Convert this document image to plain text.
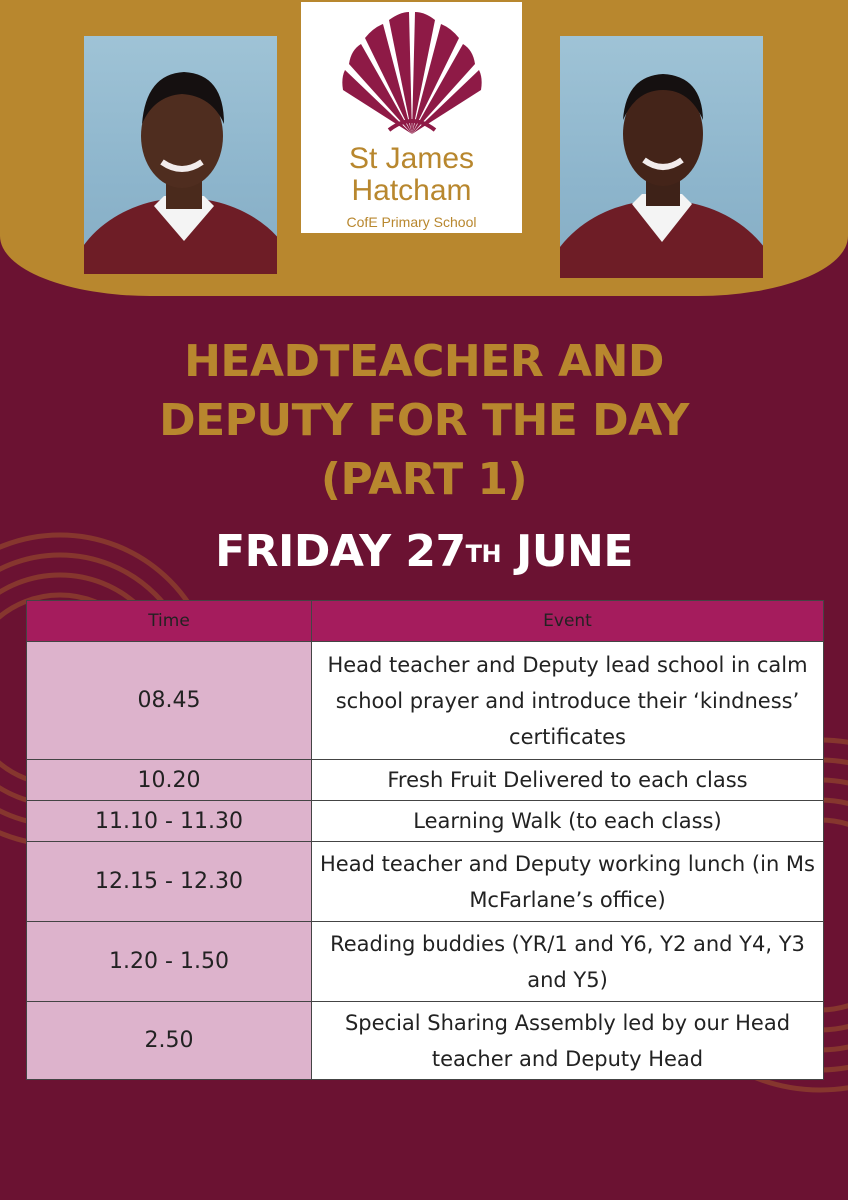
St James
Hatcham
CofE Primary School
HEADTEACHER AND
DEPUTY FOR THE DAY
(PART 1)
FRIDAY 27TH JUNE
Time	Event
08.45	Head teacher and Deputy lead school in calm school prayer and introduce their ‘kindness’ certificates
10.20	Fresh Fruit Delivered to each class
11.10 - 11.30	Learning Walk (to each class)
12.15 - 12.30	Head teacher and Deputy working lunch (in Ms McFarlane’s office)
1.20 - 1.50	Reading buddies (YR/1 and Y6, Y2 and Y4, Y3 and Y5)
2.50	Special Sharing Assembly led by our Head teacher and Deputy Head
